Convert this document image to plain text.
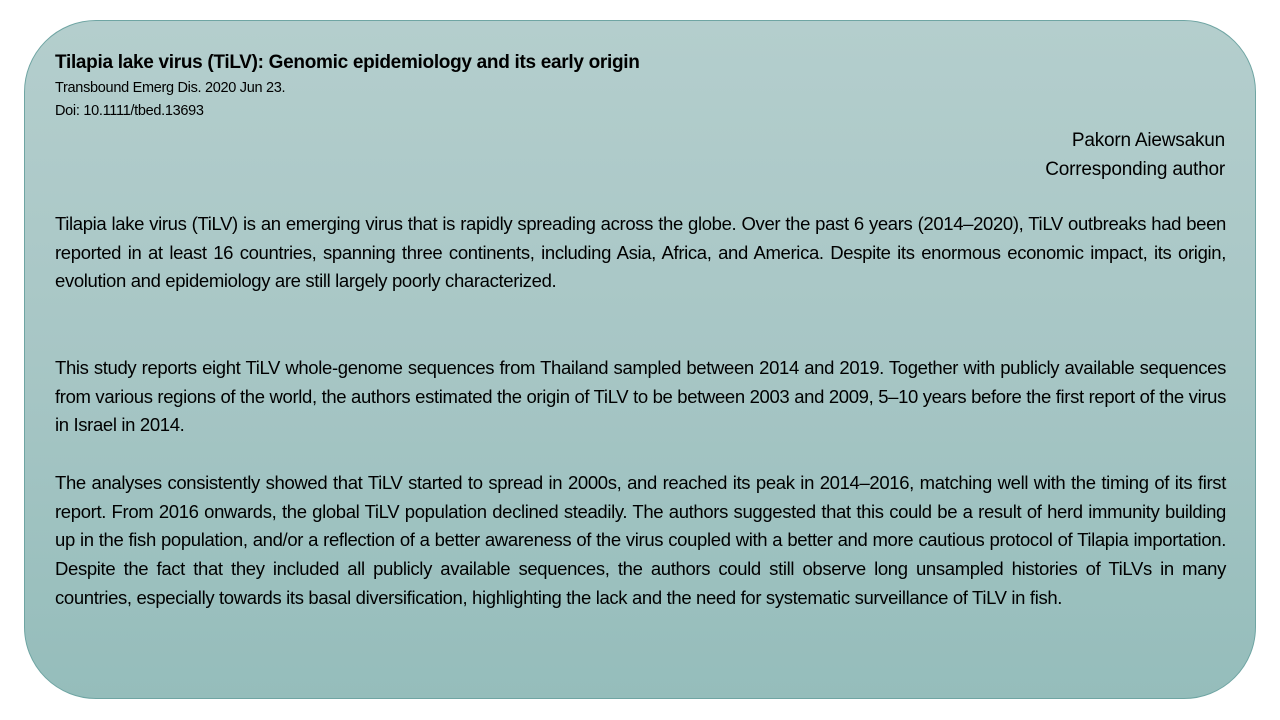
Tilapia lake virus (TiLV): Genomic epidemiology and its early origin
Transbound Emerg Dis. 2020 Jun 23.
Doi: 10.1111/tbed.13693
Pakorn Aiewsakun
Corresponding author

Tilapia lake virus (TiLV) is an emerging virus that is rapidly spreading across the globe. Over the past 6 years (2014–2020), TiLV outbreaks had been reported in at least 16 countries, spanning three continents, including Asia, Africa, and America. Despite its enormous economic impact, its origin, evolution and epidemiology are still largely poorly characterized.

This study reports eight TiLV whole-genome sequences from Thailand sampled between 2014 and 2019. Together with publicly available sequences from various regions of the world, the authors estimated the origin of TiLV to be between 2003 and 2009, 5–10 years before the first report of the virus in Israel in 2014.

The analyses consistently showed that TiLV started to spread in 2000s, and reached its peak in 2014–2016, matching well with the timing of its first report. From 2016 onwards, the global TiLV population declined steadily. The authors suggested that this could be a result of herd immunity building up in the fish population, and/or a reflection of a better awareness of the virus coupled with a better and more cautious protocol of Tilapia importation. Despite the fact that they included all publicly available sequences, the authors could still observe long unsampled histories of TiLVs in many countries, especially towards its basal diversification, highlighting the lack and the need for systematic surveillance of TiLV in fish.
